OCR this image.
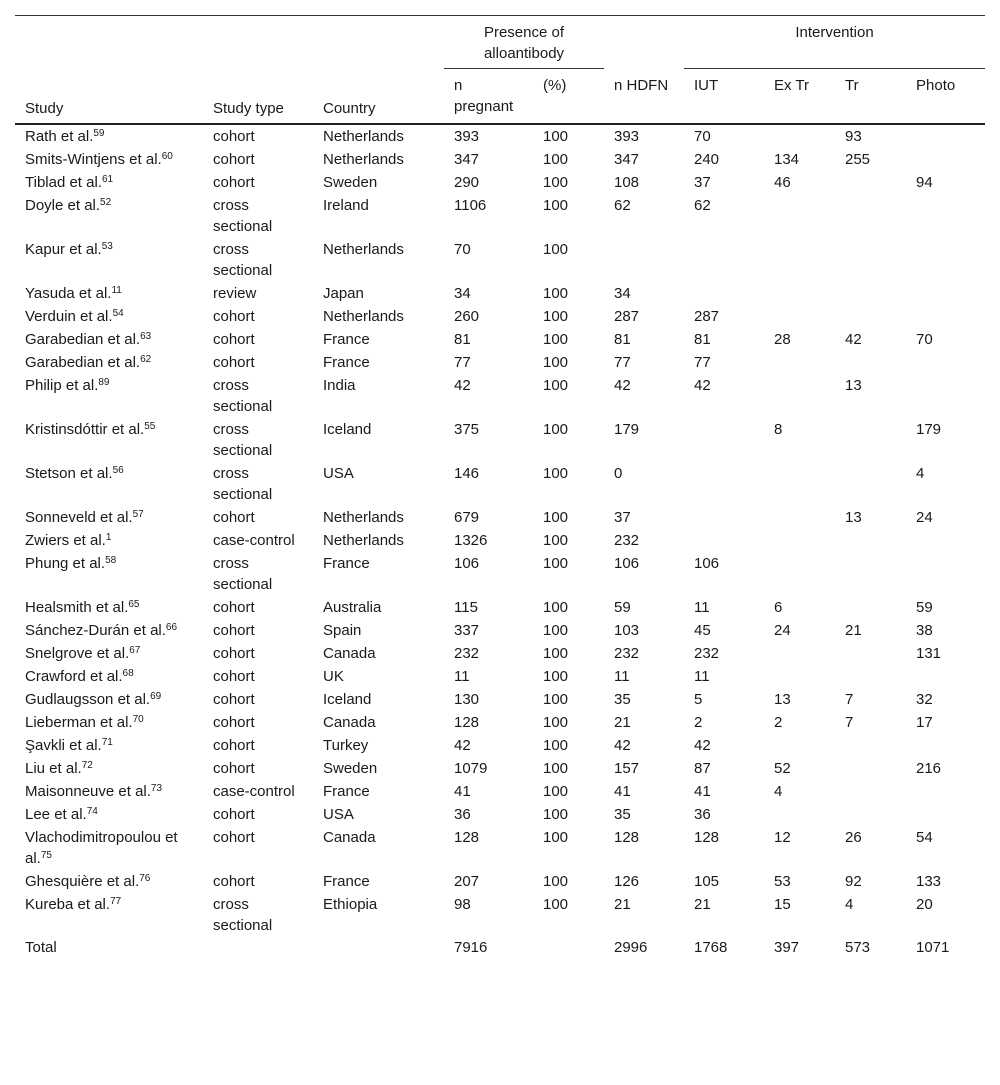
Study	Study type	Country	Presence of alloantibody			Intervention			
			n pregnant	(%)	n HDFN	IUT	Ex Tr	Tr	Photo
Rath et al.$^{59}$	cohort	Netherlands	393	100	393	70		93	
Smits-Wintjens et al.$^{60}$	cohort	Netherlands	347	100	347	240	134	255	
Tiblad et al.$^{61}$	cohort	Sweden	290	100	108	37	46		94
Doyle et al.$^{52}$	cross sectional	Ireland	1106	100	62	62			
Kapur et al.$^{53}$	cross sectional	Netherlands	70	100					
Yasuda et al.$^{11}$	review	Japan	34	100	34				
Verduin et al.$^{54}$	cohort	Netherlands	260	100	287	287			
Garabedian et al.$^{63}$	cohort	France	81	100	81	81	28	42	70
Garabedian et al.$^{62}$	cohort	France	77	100	77	77			
Philip et al.$^{89}$	cross sectional	India	42	100	42	42		13	
Kristinsdóttir et al.$^{55}$	cross sectional	Iceland	375	100	179		8		179
Stetson et al.$^{56}$	cross sectional	USA	146	100	0				4
Sonneveld et al.$^{57}$	cohort	Netherlands	679	100	37			13	24
Zwiers et al.$^1$	case-control	Netherlands	1326	100	232				
Phung et al.$^{58}$	cross sectional	France	106	100	106	106			
Healsmith et al.$^{65}$	cohort	Australia	115	100	59	11	6		59
Sánchez-Durán et al.$^{66}$	cohort	Spain	337	100	103	45	24	21	38
Snelgrove et al.$^{67}$	cohort	Canada	232	100	232	232			131
Crawford et al.$^{68}$	cohort	UK	11	100	11	11			
Gudlaugsson et al.$^{69}$	cohort	Iceland	130	100	35	5	13	7	32
Lieberman et al.$^{70}$	cohort	Canada	128	100	21	2	2	7	17
Şavkli et al.$^{71}$	cohort	Turkey	42	100	42	42			
Liu et al.$^{72}$	cohort	Sweden	1079	100	157	87	52		216
Maisonneuve et al.$^{73}$	case-control	France	41	100	41	41	4		
Lee et al.$^{74}$	cohort	USA	36	100	35	36			
Vlachodimitropoulou et al.$^{75}$	cohort	Canada	128	100	128	128	12	26	54
Ghesquière et al.$^{76}$	cohort	France	207	100	126	105	53	92	133
Kureba et al.$^{77}$	cross sectional	Ethiopia	98	100	21	21	15	4	20
Total			7916		2996	1768	397	573	1071
